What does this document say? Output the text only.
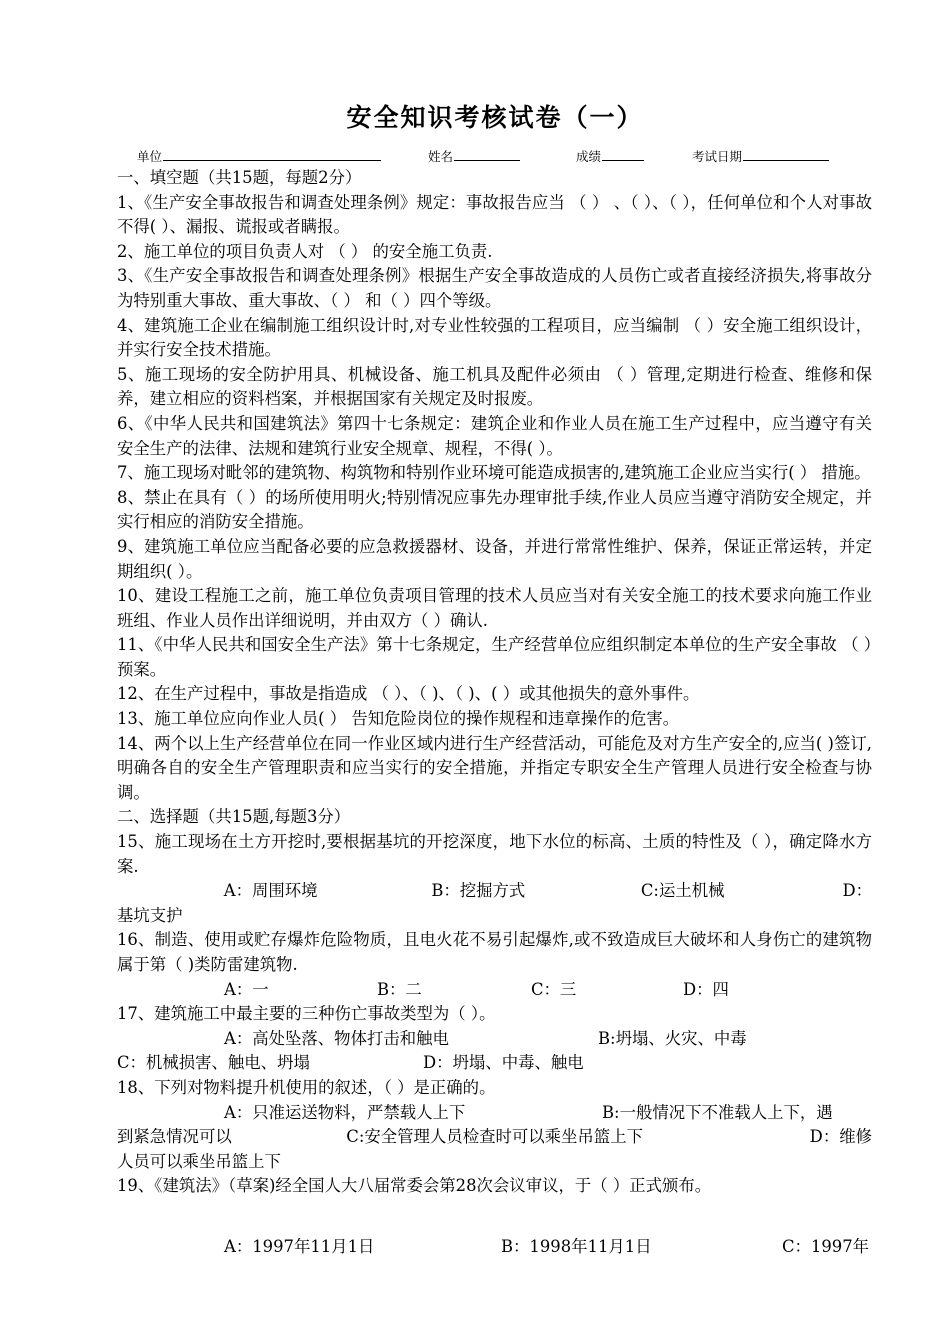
安全知识考核试卷（一）
单位	姓名	成绩	考试日期

一、填空题（共15题，每题2分）

1、《生产安全事故报告和调查处理条例》规定：事故报告应当 （ ） 、（ ）、（ ），任何单位和个人对事故不得( ）、漏报、谎报或者瞒报。

2、施工单位的项目负责人对 （ ） 的安全施工负责.

3、《生产安全事故报告和调查处理条例》根据生产安全事故造成的人员伤亡或者直接经济损失,将事故分为特别重大事故、重大事故、（ ） 和（ ）四个等级。

4、建筑施工企业在编制施工组织设计时,对专业性较强的工程项目，应当编制 （ ）安全施工组织设计，并实行安全技术措施。

5、施工现场的安全防护用具、机械设备、施工机具及配件必须由 （ ）管理,定期进行检查、维修和保养，建立相应的资料档案，并根据国家有关规定及时报废。

6、《中华人民共和国建筑法》第四十七条规定：建筑企业和作业人员在施工生产过程中，应当遵守有关安全生产的法律、法规和建筑行业安全规章、规程，不得( ）。

7、施工现场对毗邻的建筑物、构筑物和特别作业环境可能造成损害的,建筑施工企业应当实行( ） 措施。

8、禁止在具有（ ）的场所使用明火;特别情况应事先办理审批手续,作业人员应当遵守消防安全规定，并实行相应的消防安全措施。

9、建筑施工单位应当配备必要的应急救援器材、设备，并进行常常性维护、保养，保证正常运转，并定期组织( ）。

10、建设工程施工之前，施工单位负责项目管理的技术人员应当对有关安全施工的技术要求向施工作业班组、作业人员作出详细说明，并由双方（ ）确认.

11、《中华人民共和国安全生产法》第十七条规定，生产经营单位应组织制定本单位的生产安全事故 （ ）预案。

12、在生产过程中，事故是指造成 （ ）、（ )、（ )、( ）或其他损失的意外事件。

13、施工单位应向作业人员( ） 告知危险岗位的操作规程和违章操作的危害。

14、两个以上生产经营单位在同一作业区域内进行生产经营活动，可能危及对方生产安全的,应当( )签订,明确各自的安全生产管理职责和应当实行的安全措施，并指定专职安全生产管理人员进行安全检查与协调。

二、选择题（共15题,每题3分）

15、施工现场在土方开挖时,要根据基坑的开挖深度，地下水位的标高、土质的特性及（ ），确定降水方案.

A：周围环境	B：挖掘方式	C:运土机械	D：

基坑支护

16、制造、使用或贮存爆炸危险物质，且电火花不易引起爆炸,或不致造成巨大破坏和人身伤亡的建筑物属于第（ )类防雷建筑物.

A：一	B：二	C：三	D：四

17、建筑施工中最主要的三种伤亡事故类型为（ ）。

A：高处坠落、物体打击和触电	B:坍塌、火灾、中毒
C：机械损害、触电、坍塌	D：坍塌、中毒、触电

18、下列对物料提升机使用的叙述，（ ）是正确的。

A：只准运送物料，严禁载人上下	B:一般情况下不准载人上下，遇
到紧急情况可以	C:安全管理人员检查时可以乘坐吊篮上下	D：维修

人员可以乘坐吊篮上下

19、《建筑法》（草案)经全国人大八届常委会第28次会议审议，于（ ）正式颁布。

A：1997年11月1日	B：1998年11月1日	C：1997年
